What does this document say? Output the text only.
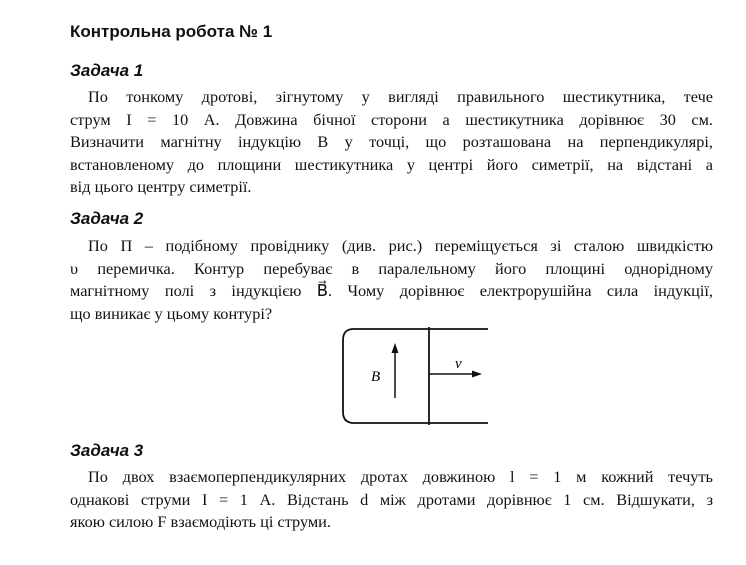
Контрольна робота № 1
Задача 1
По тонкому дротові, зігнутому у вигляді правильного шестикутника, тече
струм I = 10 А. Довжина бічної сторони a шестикутника дорівнює 30 см.
Визначити магнітну індукцію B у точці, що розташована на перпендикулярі,
встановленому до площини шестикутника у центрі його симетрії, на відстані a
від цього центру симетрії.
Задача 2
По П – подібному провіднику (див. рис.) переміщується зі сталою швидкістю
υ перемичка. Контур перебуває в паралельному його площині однорідному
магнітному полі з індукцією B⃗. Чому дорівнює електрорушійна сила індукції,
що виникає у цьому контурі?
B⃗
v⃗
Задача 3
По двох взаємоперпендикулярних дротах довжиною l = 1 м кожний течуть
однакові струми I = 1 А. Відстань d між дротами дорівнює 1 см. Відшукати, з
якою силою F взаємодіють ці струми.
